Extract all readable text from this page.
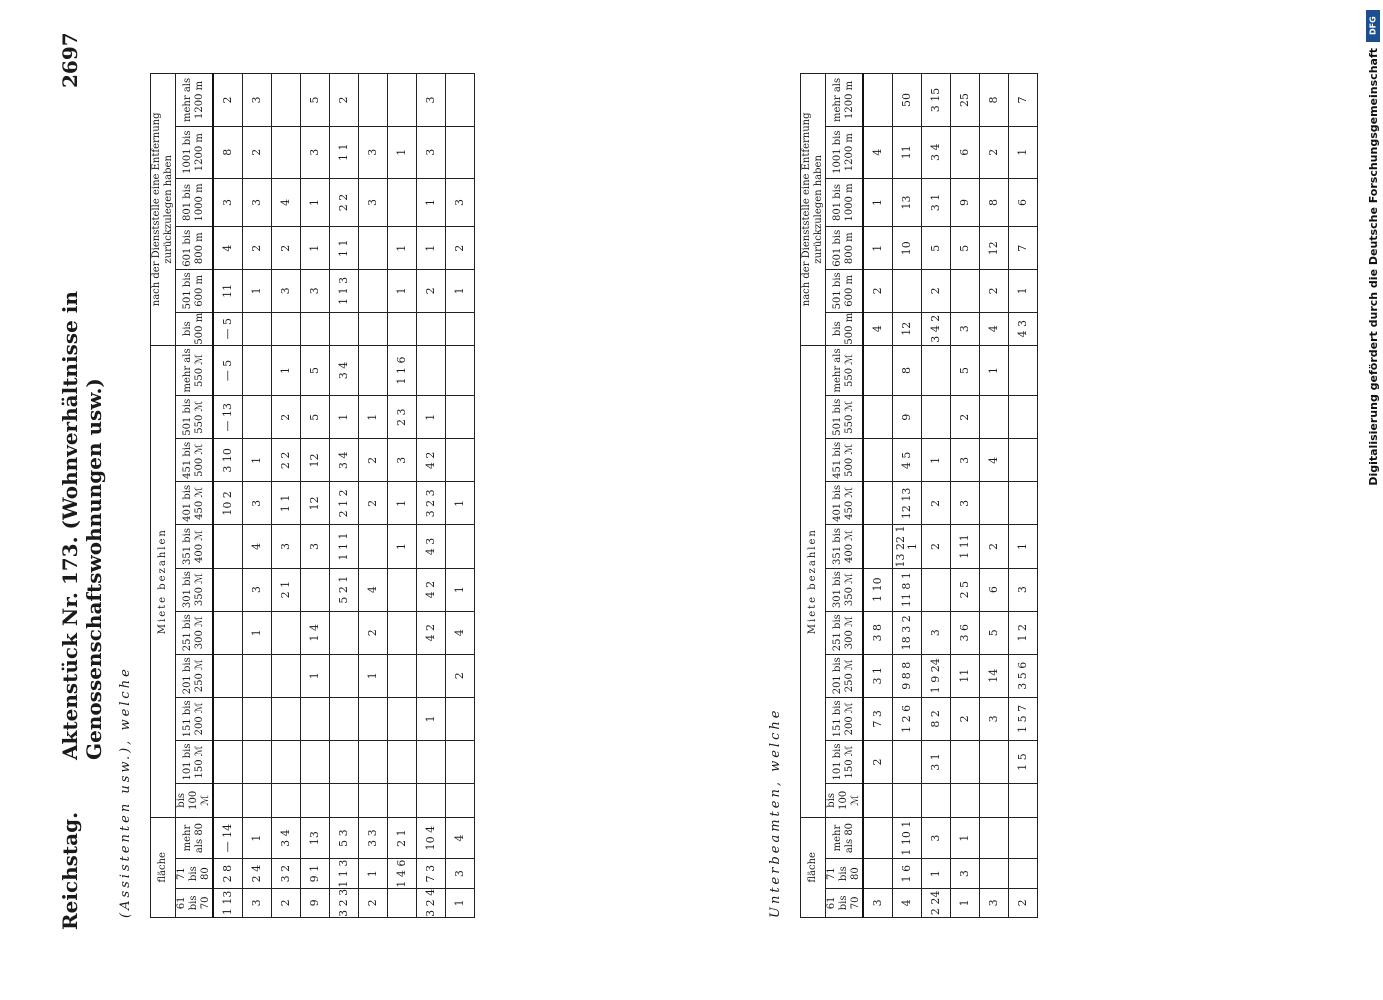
Reichstag.
Aktenstück Nr. 173. (Wohnverhältnisse in Genossenschaftswohnungen usw.)
2697
(Assistenten usw.), welche fläche			Miete bezahlen											nach der Dienststelle eine Entfernung zurückzulegen haben					
61 bis 70	71 bis 80	mehr als 80	bis 100 ℳ	101 bis 150 ℳ	151 bis 200 ℳ	201 bis 250 ℳ	251 bis 300 ℳ	301 bis 350 ℳ	351 bis 400 ℳ	401 bis 450 ℳ	451 bis 500 ℳ	501 bis 550 ℳ	mehr als 550 ℳ	bis 500 m	501 bis 600 m	601 bis 800 m	801 bis 1000 m	1001 bis 1200 m	mehr als 1200 m
1 13	2 8	— 14								10 2	3 10	— 13	— 5	— 5	11	4	3	8	2
3	2 4	1					1	3	4	3	1				1	2	3	2	3
2	3 2	3 4						2 1	3	1 1	2 2	2	1		3	2	4		
9	9 1	13				1	1 4		3	12	12	5	5		3	1	1	3	5
3 2 3	1 1 3	5 3						5 2 1	1 1 1	2 1 2	3 4	1	3 4		1 1 3	1 1	2 2	1 1	2
2	1	3 3				1	2	4		2	2	1					3	3	
	1 4 6	2 1							1	1	3	2 3	1 1 6		1	1		1	
3 2 4	7 3	10 4			1		4 2	4 2	4 3	3 2 3	4 2	1			2	1	1	3	3
1	3	4				2	4	1		1					1	2	3		
Unterbeamten, welche fläche			Miete bezahlen											nach der Dienststelle eine Entfernung zurückzulegen haben					
61 bis 70	71 bis 80	mehr als 80	bis 100 ℳ	101 bis 150 ℳ	151 bis 200 ℳ	201 bis 250 ℳ	251 bis 300 ℳ	301 bis 350 ℳ	351 bis 400 ℳ	401 bis 450 ℳ	451 bis 500 ℳ	501 bis 550 ℳ	mehr als 550 ℳ	bis 500 m	501 bis 600 m	601 bis 800 m	801 bis 1000 m	1001 bis 1200 m	mehr als 1200 m
3				2	7 3	3 1	3 8	1 10						4	2	1	1	4	
4	1 6	1 10 1			1 2 6	9 8 8	18 3 2	11 8 1	13 22 1 1	12 13	4 5	9	8	12		10	13	11	50
2 24	1	3		3 1	8 2	1 9 24	3		2	2	1			3 4 2	2	5	3 1	3 4	3 15
1	3	1			2	11	3 6	2 5	1 11	3	3	2	5	3		5	9	6	25
3					3	14	5	6	2		4		1	4	2	12	8	2	8
2				1 5	1 5 7	3 5 6	1 2	3	1					4 3	1	7	6	1	7
DFG
Digitalisierung gefördert durch die Deutsche Forschungsgemeinschaft
